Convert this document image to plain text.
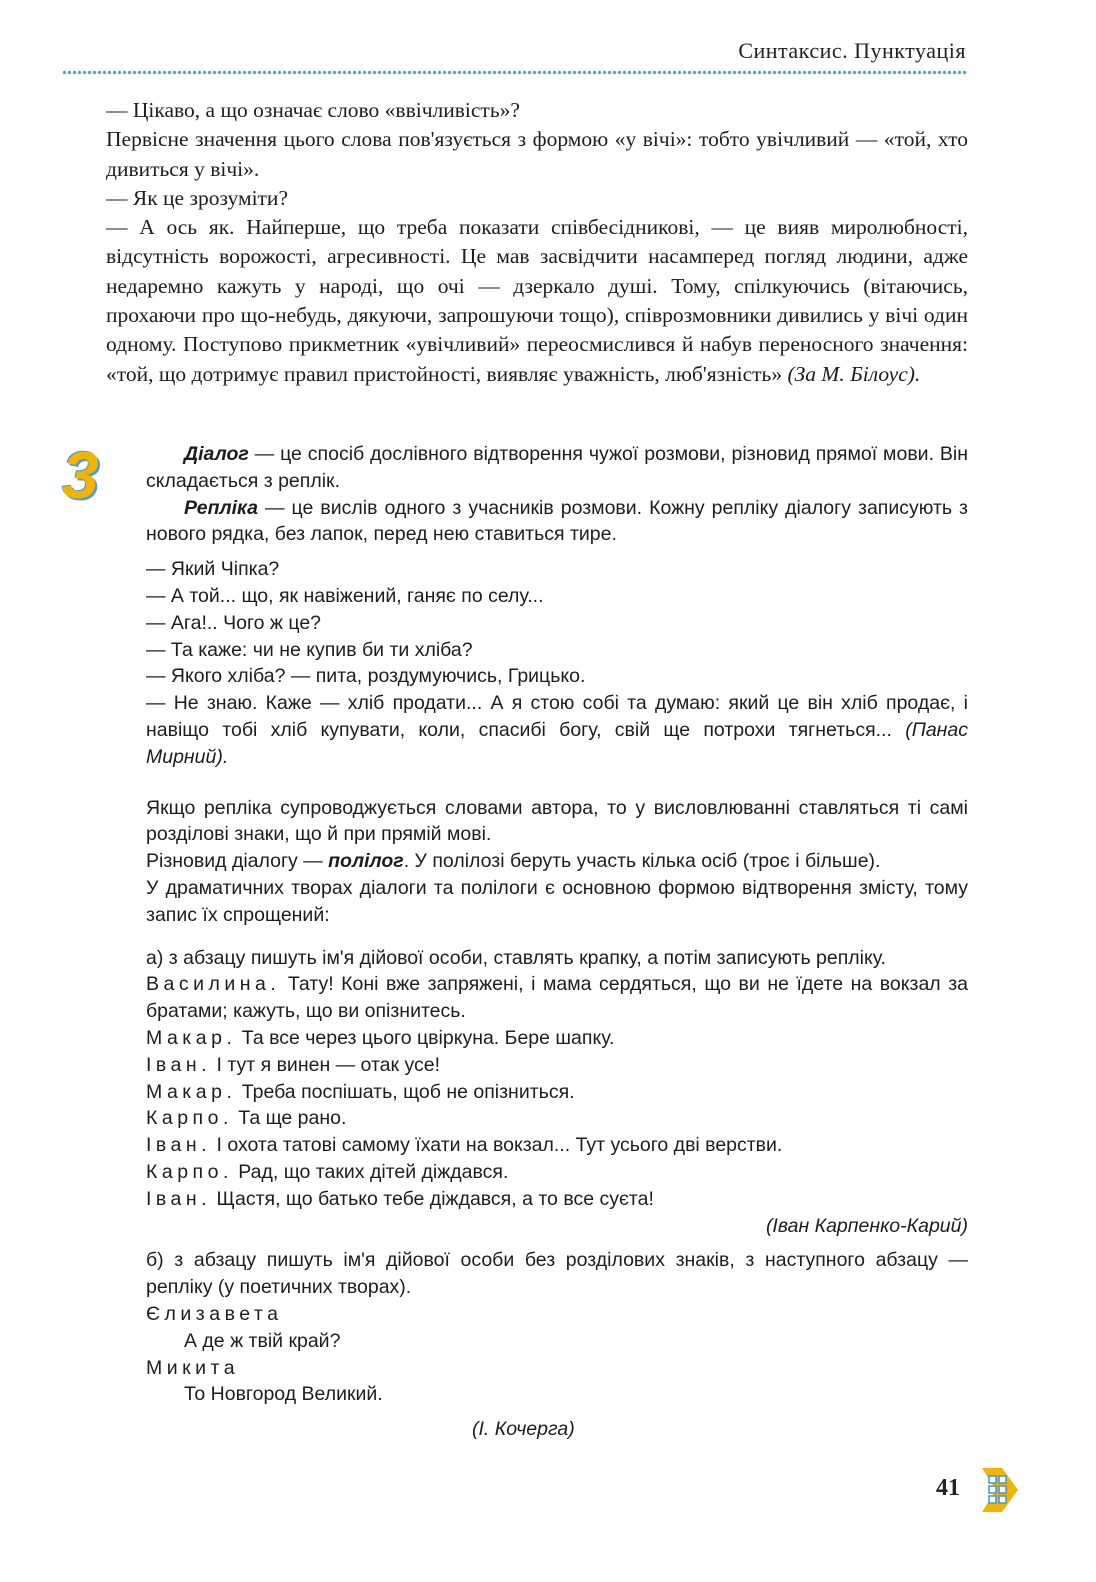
Синтаксис. Пунктуація

— Цікаво, а що означає слово «ввічливість»?

Первісне значення цього слова пов'язується з формою «у вічі»: тобто увічливий — «той, хто дивиться у вічі».

— Як це зрозуміти?

— А ось як. Найперше, що треба показати співбесідникові, — це вияв миролюбності, відсутність ворожості, агресивності. Це мав засвідчити насамперед погляд людини, адже недаремно кажуть у народі, що очі — дзеркало душі. Тому, спілкуючись (вітаючись, прохаючи про що-небудь, дякуючи, запрошуючи тощо), співрозмовники дивились у вічі один одному. Поступово прикметник «увічливий» переосмислився й набув переносного значення: «той, що дотримує правил пристойності, виявляє уважність, люб'язність» (За М. Білоус).

3	Діалог — це спосіб дослівного відтворення чужої розмови, різновид прямої мови. Він складається з реплік.

Репліка — це вислів одного з учасників розмови. Кожну репліку діалогу записують з нового рядка, без лапок, перед нею ставиться тире.

— Який Чіпка?

— А той... що, як навіжений, ганяє по селу...

— Ага!.. Чого ж це?

— Та каже: чи не купив би ти хліба?

— Якого хліба? — пита, роздумуючись, Грицько.

— Не знаю. Каже — хліб продати... А я стою собі та думаю: який це він хліб продає, і навіщо тобі хліб купувати, коли, спасибі богу, свій ще потрохи тягнеться... (Панас Мирний).

Якщо репліка супроводжується словами автора, то у висловлюванні ставляться ті самі розділові знаки, що й при прямій мові.

Різновид діалогу — полілог. У полілозі беруть участь кілька осіб (троє і більше).

У драматичних творах діалоги та полілоги є основною формою відтворення змісту, тому запис їх спрощений:

а) з абзацу пишуть ім'я дійової особи, ставлять крапку, а потім записують репліку.

Василина. Тату! Коні вже запряжені, і мама сердяться, що ви не їдете на вокзал за братами; кажуть, що ви опізнитесь.

Макар. Та все через цього цвіркуна. Бере шапку.

Іван. І тут я винен — отак усе!

Макар. Треба поспішать, щоб не опізниться.

Карпо. Та ще рано.

Іван. І охота татові самому їхати на вокзал... Тут усього дві верстви.

Карпо. Рад, що таких дітей діждався.

Іван. Щастя, що батько тебе діждався, а то все суєта!

(Іван Карпенко-Карий)

б) з абзацу пишуть ім'я дійової особи без розділових знаків, з наступного абзацу — репліку (у поетичних творах).

Єлизавета

А де ж твій край?

Микита

То Новгород Великий.

(І. Кочерга)

41
